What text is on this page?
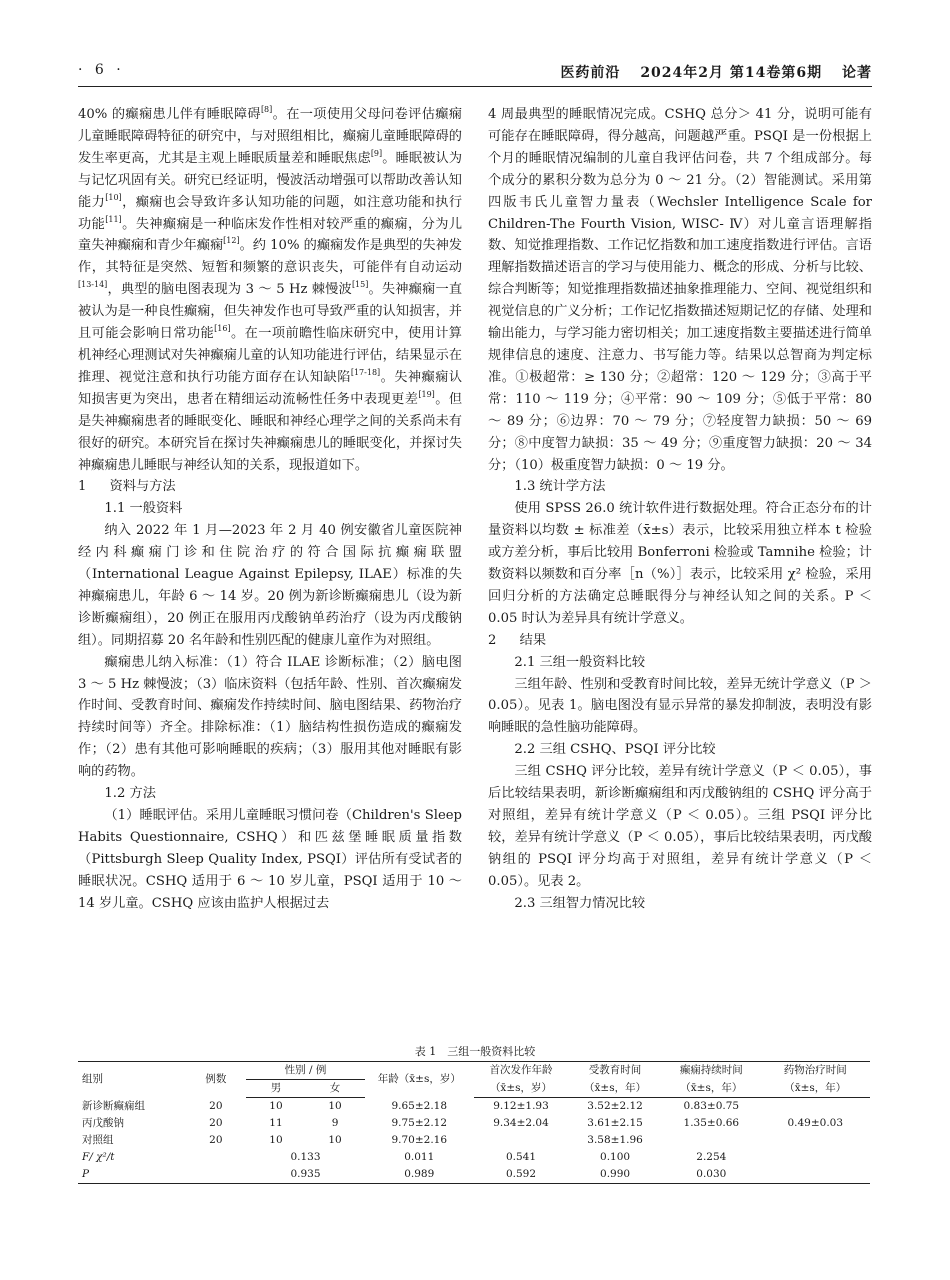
· 6 ·	医药前沿 2024年2月 第14卷第6期 论著

40% 的癫痫患儿伴有睡眠障碍[8]。在一项使用父母问卷评估癫痫儿童睡眠障碍特征的研究中，与对照组相比，癫痫儿童睡眠障碍的发生率更高，尤其是主观上睡眠质量差和睡眠焦虑[9]。睡眠被认为与记忆巩固有关。研究已经证明，慢波活动增强可以帮助改善认知能力[10]，癫痫也会导致许多认知功能的问题，如注意功能和执行功能[11]。失神癫痫是一种临床发作性相对较严重的癫痫，分为儿童失神癫痫和青少年癫痫[12]。约 10% 的癫痫发作是典型的失神发作，其特征是突然、短暂和频繁的意识丧失，可能伴有自动运动[13-14]，典型的脑电图表现为 3 ～ 5 Hz 棘慢波[15]。失神癫痫一直被认为是一种良性癫痫，但失神发作也可导致严重的认知损害，并且可能会影响日常功能[16]。在一项前瞻性临床研究中，使用计算机神经心理测试对失神癫痫儿童的认知功能进行评估，结果显示在推理、视觉注意和执行功能方面存在认知缺陷[17-18]。失神癫痫认知损害更为突出，患者在精细运动流畅性任务中表现更差[19]。但是失神癫痫患者的睡眠变化、睡眠和神经心理学之间的关系尚未有很好的研究。本研究旨在探讨失神癫痫患儿的睡眠变化，并探讨失神癫痫患儿睡眠与神经认知的关系，现报道如下。

1 资料与方法
1.1 一般资料

纳入 2022 年 1 月—2023 年 2 月 40 例安徽省儿童医院神经内科癫痫门诊和住院治疗的符合国际抗癫痫联盟（International League Against Epilepsy, ILAE）标准的失神癫痫患儿，年龄 6 ～ 14 岁。20 例为新诊断癫痫患儿（设为新诊断癫痫组），20 例正在服用丙戊酸钠单药治疗（设为丙戊酸钠组）。同期招募 20 名年龄和性别匹配的健康儿童作为对照组。

癫痫患儿纳入标准：（1）符合 ILAE 诊断标准；（2）脑电图 3 ～ 5 Hz 棘慢波；（3）临床资料（包括年龄、性别、首次癫痫发作时间、受教育时间、癫痫发作持续时间、脑电图结果、药物治疗持续时间等）齐全。排除标准：（1）脑结构性损伤造成的癫痫发作；（2）患有其他可影响睡眠的疾病；（3）服用其他对睡眠有影响的药物。

1.2 方法

（1）睡眠评估。采用儿童睡眠习惯问卷（Children's Sleep Habits Questionnaire, CSHQ）和匹兹堡睡眠质量指数（Pittsburgh Sleep Quality Index, PSQI）评估所有受试者的睡眠状况。CSHQ 适用于 6 ～ 10 岁儿童，PSQI 适用于 10 ～ 14 岁儿童。CSHQ 应该由监护人根据过去

4 周最典型的睡眠情况完成。CSHQ 总分＞ 41 分，说明可能有可能存在睡眠障碍，得分越高，问题越严重。PSQI 是一份根据上个月的睡眠情况编制的儿童自我评估问卷，共 7 个组成部分。每个成分的累积分数为总分为 0 ～ 21 分。（2）智能测试。采用第四版韦氏儿童智力量表（Wechsler Intelligence Scale for Children-The Fourth Vision, WISC- Ⅳ）对儿童言语理解指数、知觉推理指数、工作记忆指数和加工速度指数进行评估。言语理解指数描述语言的学习与使用能力、概念的形成、分析与比较、综合判断等；知觉推理指数描述抽象推理能力、空间、视觉组织和视觉信息的广义分析；工作记忆指数描述短期记忆的存储、处理和输出能力，与学习能力密切相关；加工速度指数主要描述进行简单规律信息的速度、注意力、书写能力等。结果以总智商为判定标准。①极超常：≥ 130 分；②超常：120 ～ 129 分；③高于平常：110 ～ 119 分；④平常：90 ～ 109 分；⑤低于平常：80 ～ 89 分；⑥边界：70 ～ 79 分；⑦轻度智力缺损：50 ～ 69 分；⑧中度智力缺损：35 ～ 49 分；⑨重度智力缺损：20 ～ 34 分；（10）极重度智力缺损：0 ～ 19 分。

1.3 统计学方法

使用 SPSS 26.0 统计软件进行数据处理。符合正态分布的计量资料以均数 ± 标准差（x̄±s）表示，比较采用独立样本 t 检验或方差分析，事后比较用 Bonferroni 检验或 Tamnihe 检验；计数资料以频数和百分率［n（%）］表示，比较采用 χ² 检验，采用回归分析的方法确定总睡眠得分与神经认知之间的关系。P ＜ 0.05 时认为差异具有统计学意义。

2 结果
2.1 三组一般资料比较

三组年龄、性别和受教育时间比较，差异无统计学意义（P ＞ 0.05）。见表 1。脑电图没有显示异常的暴发抑制波，表明没有影响睡眠的急性脑功能障碍。

2.2 三组 CSHQ、PSQI 评分比较

三组 CSHQ 评分比较，差异有统计学意义（P ＜ 0.05），事后比较结果表明，新诊断癫痫组和丙戊酸钠组的 CSHQ 评分高于对照组，差异有统计学意义（P ＜ 0.05）。三组 PSQI 评分比较，差异有统计学意义（P ＜ 0.05），事后比较结果表明，丙戊酸钠组的 PSQI 评分均高于对照组，差异有统计学意义（P ＜ 0.05）。见表 2。

2.3 三组智力情况比较
表 1　三组一般资料比较
组别	例数	性别 / 例		年龄（x̄±s，岁）	首次发作年龄	受教育时间	癫痫持续时间	药物治疗时间
		男	女		（x̄±s，岁）	（x̄±s，年）	（x̄±s，年）	（x̄±s，年）
新诊断癫痫组	20	10	10	9.65±2.18	9.12±1.93	3.52±2.12	0.83±0.75	
丙戊酸钠	20	11	9	9.75±2.12	9.34±2.04	3.61±2.15	1.35±0.66	0.49±0.03
对照组	20	10	10	9.70±2.16		3.58±1.96		
F/ χ²/t		0.133		0.011	0.541	0.100	2.254	
P		0.935		0.989	0.592	0.990	0.030	
